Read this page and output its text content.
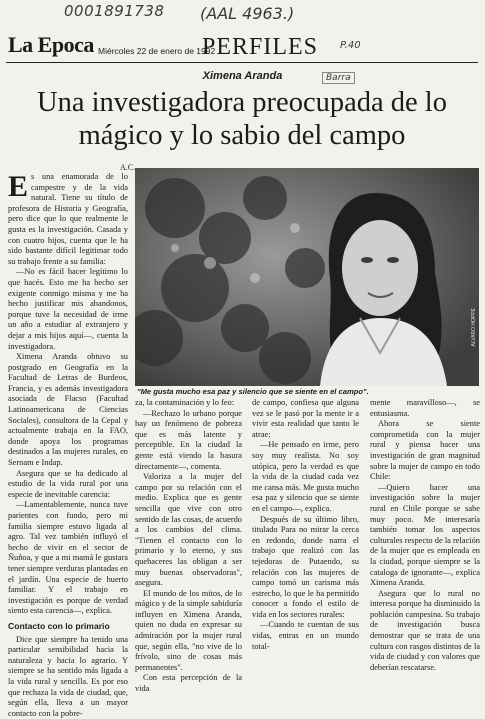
0001891738 (AAL 4963.)
P.40
Barra
La Epoca Miércoles 22 de enero de 1992
PERFILES
Ximena Aranda
Una investigadora preocupada de lo mágico y lo sabio del campo
A.C.
E s una enamorada de lo campestre y de la vida natural. Tiene su título de profesora de Historia y Geografía, pero dice que lo que realmente le gusta es la investigación. Casada y con cuatro hijos, cuenta que le ha sido bastante difícil legitimar todo su trabajo frente a su familia:

—No es fácil hacer legítimo lo que hacés. Esto me ha hecho ser exigente conmigo misma y me ha hecho justificar mis abandonos, porque tuve la necesidad de irme un año a estudiar al extranjero y dejar a mis hijos aquí—, cuenta la investigadora.

Ximena Aranda obtuvo su postgrado en Geografía en la Facultad de Letras de Burdeos, Francia, y es además investigadora asociada de Flacso (Facultad Latinoamericana de Ciencias Sociales), consultora de la Cepal y actualmente trabaja en la FAO, donde apoya los programas destinados a las mujeres rurales, en Sernam e Indap.

Asegura que se ha dedicado al estudio de la vida rural por una especie de inevitable carencia:

—Lamentablemente, nunca tuve parientes con fundo, pero mi familia siempre estuvo ligada al agro. Tal vez también influyó el hecho de vivir en el sector de Ñuñoa, y que a mi mamá le gustara tener siempre verduras plantadas en el jardín. Una especie de huerto familiar. Y el trabajo en investigación es porque de verdad siento esta carencia—, explica.

Contacto con lo primario

Dice que siempre ha tenido una particular sensibilidad hacia la naturaleza y hacia lo agrario. Y siempre se ha sentido más ligada a la vida rural y sencilla. Es por eso que rechaza la vida de ciudad, que, según ella, lleva a un mayor contacto con la pobre-

ALVARO HOPPE
"Me gusta mucho esa paz y silencio que se siente en el campo".

za, la contaminación y lo feo:

—Rechazo lo urbano porque hay un fenómeno de pobreza que es más latente y perceptible. En la ciudad la gente está viendo la basura directamente—, comenta.

Valoriza a la mujer del campo por su relación con el medio. Explica que es gente sencilla que vive con otro sentido de las cosas, de acuerdo a los cambios del clima. "Tienen el contacto con lo primario y lo eterno, y sus quehaceres las obligan a ser muy buenas observadoras", asegura.

El mundo de los mitos, de lo mágico y de la simple sabiduría influyen en Ximena Aranda, quien no duda en expresar su admiración por la mujer rural que, según ella, "no vive de lo frívolo, sino de cosas más permanentes".

Con esta percepción de la vida

de campo, confiesa que alguna vez se le pasó por la mente ir a vivir esta realidad que tanto le atrae:

—He pensado en irme, pero soy muy realista. No soy utópica, pero la verdad es que la vida de la ciudad cada vez me cansa más. Me gusta mucho esa paz y silencio que se siente en el campo—, explica.

Después de su último libro, titulado Para no mirar la cerca en redondo, donde narra el trabajo que realizó con las tejedoras de Putaendo, su relación con las mujeres de campo tomó un carisma más estrecho, lo que le ha permitido conocer a fondo el estilo de vida en los sectores rurales:

—Cuando te cuentan de sus vidas, entras en un mundo total-

mente maravilloso—, se entusiasma.

Ahora se siente comprometida con la mujer rural y piensa hacer una investigación de gran magnitud sobre la mujer de campo en todo Chile:

—Quiero hacer una investigación sobre la mujer rural en Chile porque se sabe muy poco. Me interesaría también tomar los aspectos culturales respecto de la relación de la mujer que es empleada en la ciudad, porque siempre se la cataloga de ignorante—, explica Ximena Aranda.

Asegura que lo rural no interesa porque ha disminuido la población campesina. Su trabajo de investigación busca demostrar que se trata de una cultura con rasgos distintos de la vida de ciudad y con valores que deberían rescatarse.
